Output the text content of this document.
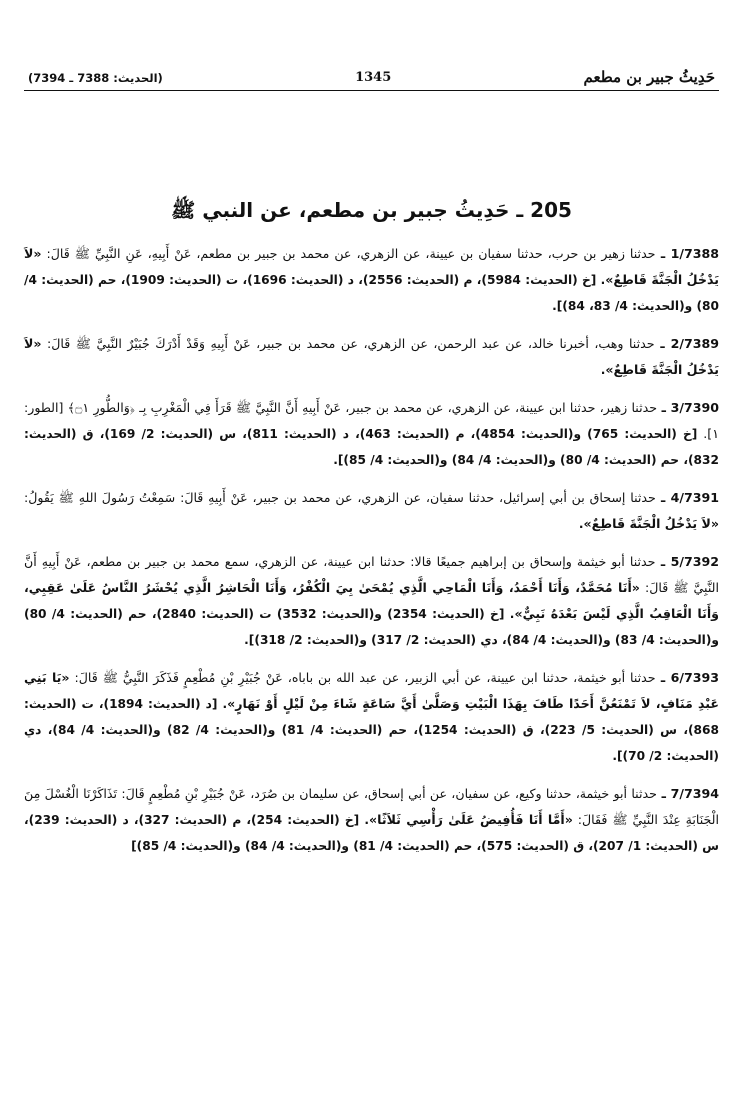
حَدِيثُ جبير بن مطعم
1345
(الحديث: 7388 ـ 7394)
205 ـ حَدِيثُ جبير بن مطعم، عن النبي ﷺ
1/7388 ـ حدثنا زهير بن حرب، حدثنا سفيان بن عيينة، عن الزهري، عن محمد بن جبير بن مطعم، عَنْ أَبِيهِ، عَنِ النَّبِيِّ ﷺ قَالَ: «لاَ يَدْخُلُ الْجَنَّةَ قَاطِعٌ». [خ (الحديث: 5984)، م (الحديث: 2556)، د (الحديث: 1696)، ت (الحديث: 1909)، حم (الحديث: 4/ 80) و(الحديث: 4/ 83، 84)].
2/7389 ـ حدثنا وهب، أخبرنا خالد، عن عبد الرحمن، عن الزهري، عن محمد بن جبير، عَنْ أَبِيهِ وَقَدْ أَدْرَكَ جُبَيْرٌ النَّبِيَّ ﷺ قَالَ: «لاَ يَدْخُلُ الْجَنَّةَ قَاطِعٌ».
3/7390 ـ حدثنا زهير، حدثنا ابن عيينة، عن الزهري، عن محمد بن جبير، عَنْ أَبِيهِ أَنَّ النَّبِيَّ ﷺ قَرَأَ فِي الْمَغْرِبِ بِـ ﴿وَالطُّورِ ۝١﴾ [الطور: ١]. [خ (الحديث: 765) و(الحديث: 4854)، م (الحديث: 463)، د (الحديث: 811)، س (الحديث: 2/ 169)، ق (الحديث: 832)، حم (الحديث: 4/ 80) و(الحديث: 4/ 84) و(الحديث: 4/ 85)].
4/7391 ـ حدثنا إسحاق بن أبي إسرائيل، حدثنا سفيان، عن الزهري، عن محمد بن جبير، عَنْ أَبِيهِ قَالَ: سَمِعْتُ رَسُولَ اللهِ ﷺ يَقُولُ: «لاَ يَدْخُلُ الْجَنَّةَ قَاطِعٌ».
5/7392 ـ حدثنا أبو خيثمة وإسحاق بن إبراهيم جميعًا قالا: حدثنا ابن عيينة، عن الزهري، سمع محمد بن جبير بن مطعم، عَنْ أَبِيهِ أَنَّ النَّبِيَّ ﷺ قَالَ: «أَنَا مُحَمَّدٌ، وَأَنَا أَحْمَدُ، وَأَنَا الْمَاحِي الَّذِي يُمْحَىٰ بِيَ الْكُفْرُ، وَأَنَا الْحَاشِرُ الَّذِي يُحْشَرُ النَّاسُ عَلَىٰ عَقِبِي، وَأَنَا الْعَاقِبُ الَّذِي لَيْسَ بَعْدَهُ نَبِيٌّ». [خ (الحديث: 2354) و(الحديث: 3532) ت (الحديث: 2840)، حم (الحديث: 4/ 80) و(الحديث: 4/ 83) و(الحديث: 4/ 84)، دي (الحديث: 2/ 317) و(الحديث: 2/ 318)].
6/7393 ـ حدثنا أبو خيثمة، حدثنا ابن عيينة، عن أبي الزبير، عن عبد الله بن باباه، عَنْ جُبَيْرِ بْنِ مُطْعِمٍ فَذَكَرَ النَّبِيُّ ﷺ قَالَ: «يَا بَنِي عَبْدِ مَنَافٍ، لاَ تَمْنَعُنَّ أَحَدًا طَافَ بِهَذَا الْبَيْتِ وَصَلَّىٰ أَيَّ سَاعَةٍ شَاءَ مِنْ لَيْلٍ أَوْ نَهَارٍ». [د (الحديث: 1894)، ت (الحديث: 868)، س (الحديث: 5/ 223)، ق (الحديث: 1254)، حم (الحديث: 4/ 81) و(الحديث: 4/ 82) و(الحديث: 4/ 84)، دي (الحديث: 2/ 70)].
7/7394 ـ حدثنا أبو خيثمة، حدثنا وكيع، عن سفيان، عن أبي إسحاق، عن سليمان بن صُرَد، عَنْ جُبَيْرِ بْنِ مُطْعِمٍ قَالَ: تَذَاكَرْنَا الْغُسْلَ مِنَ الْجَنَابَةِ عِنْدَ النَّبِيِّ ﷺ فَقَالَ: «أَمَّا أَنَا فَأُفِيضُ عَلَىٰ رَأْسِي ثَلاَثًا». [خ (الحديث: 254)، م (الحديث: 327)، د (الحديث: 239)، س (الحديث: 1/ 207)، ق (الحديث: 575)، حم (الحديث: 4/ 81) و(الحديث: 4/ 84) و(الحديث: 4/ 85)]
